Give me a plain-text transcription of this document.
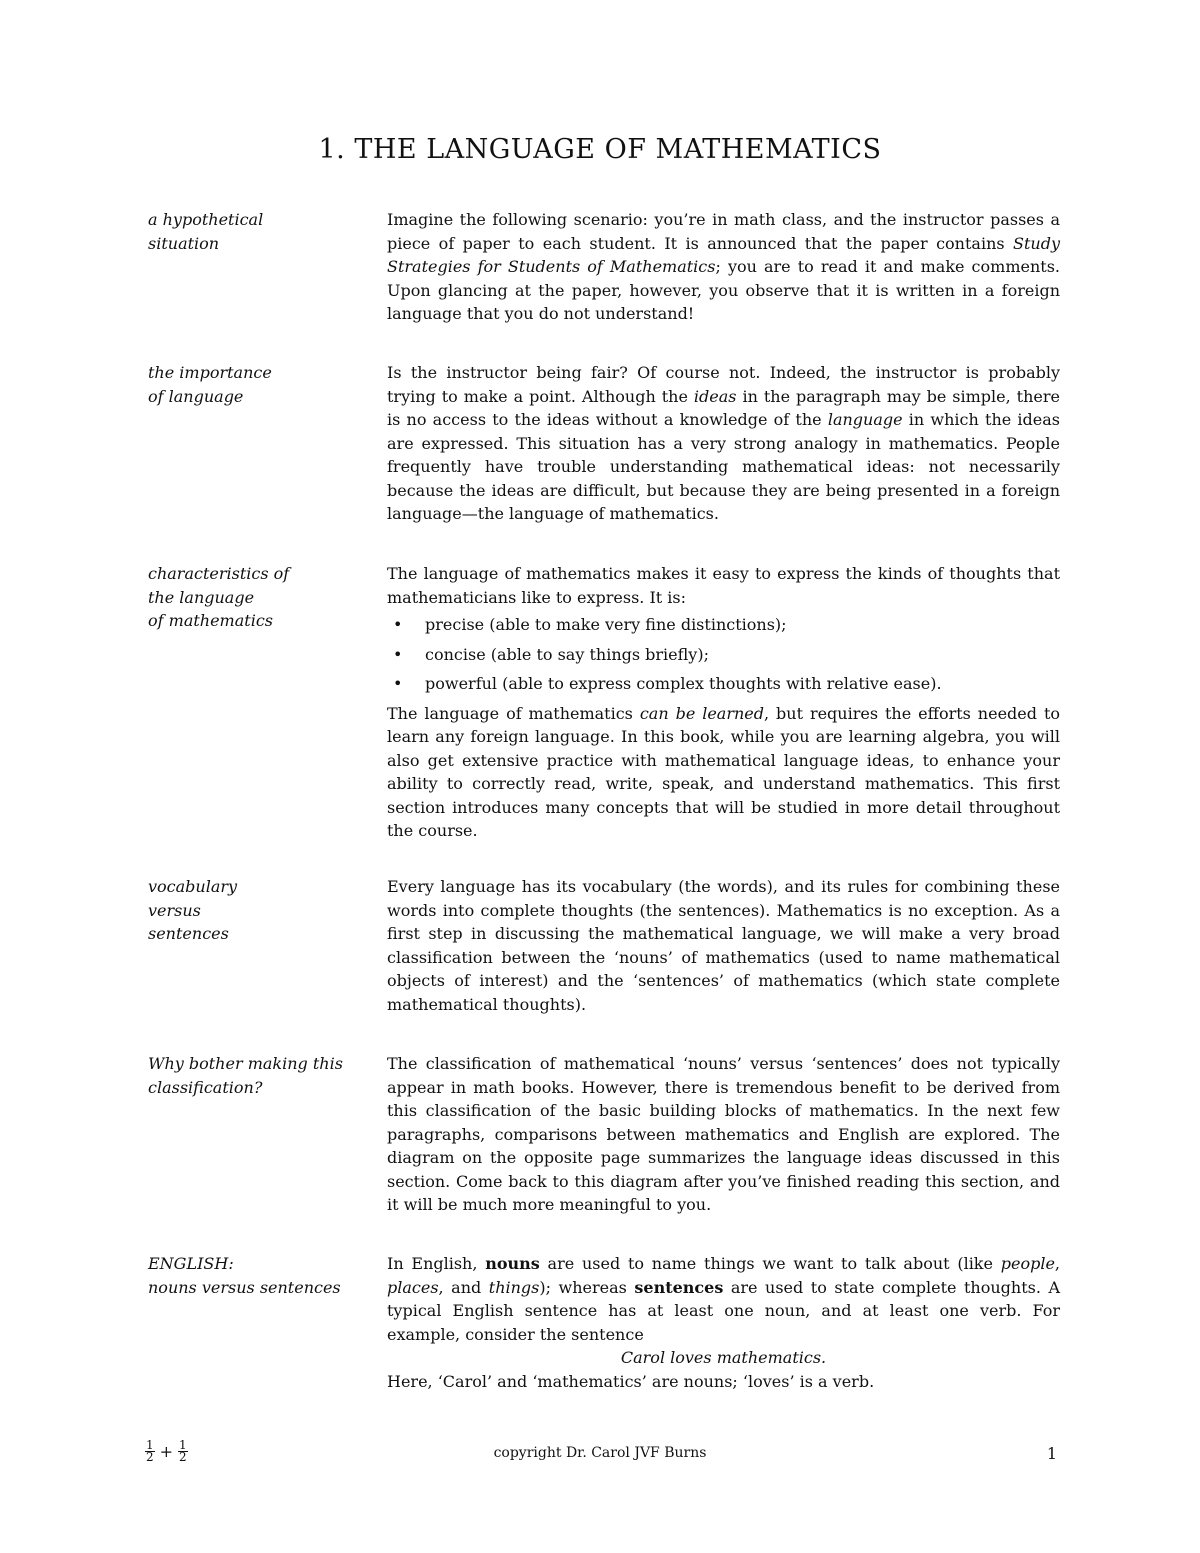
1. THE LANGUAGE OF MATHEMATICS
a hypothetical
situation

Imagine the following scenario: you’re in math class, and the instructor passes a piece of paper to each student. It is announced that the paper contains Study Strategies for Students of Mathematics; you are to read it and make comments. Upon glancing at the paper, however, you observe that it is written in a foreign language that you do not understand!

the importance
of language

Is the instructor being fair? Of course not. Indeed, the instructor is probably trying to make a point. Although the ideas in the paragraph may be simple, there is no access to the ideas without a knowledge of the language in which the ideas are expressed. This situation has a very strong analogy in mathematics. People frequently have trouble understanding mathematical ideas: not necessarily because the ideas are difficult, but because they are being presented in a foreign language—the language of mathematics.

characteristics of
the language
of mathematics

The language of mathematics makes it easy to express the kinds of thoughts that mathematicians like to express. It is:

• precise (able to make very fine distinctions);
• concise (able to say things briefly);
• powerful (able to express complex thoughts with relative ease).

The language of mathematics can be learned, but requires the efforts needed to learn any foreign language. In this book, while you are learning algebra, you will also get extensive practice with mathematical language ideas, to enhance your ability to correctly read, write, speak, and understand mathematics. This first section introduces many concepts that will be studied in more detail throughout the course.

vocabulary
versus
sentences

Every language has its vocabulary (the words), and its rules for combining these words into complete thoughts (the sentences). Mathematics is no exception. As a first step in discussing the mathematical language, we will make a very broad classification between the ‘nouns’ of mathematics (used to name mathematical objects of interest) and the ‘sentences’ of mathematics (which state complete mathematical thoughts).

Why bother making this
classification?

The classification of mathematical ‘nouns’ versus ‘sentences’ does not typically appear in math books. However, there is tremendous benefit to be derived from this classification of the basic building blocks of mathematics. In the next few paragraphs, comparisons between mathematics and English are explored. The diagram on the opposite page summarizes the language ideas discussed in this section. Come back to this diagram after you’ve finished reading this section, and it will be much more meaningful to you.

ENGLISH:
nouns versus sentences

In English, nouns are used to name things we want to talk about (like people, places, and things); whereas sentences are used to state complete thoughts. A typical English sentence has at least one noun, and at least one verb. For example, consider the sentence

Carol loves mathematics.

Here, ‘Carol’ and ‘mathematics’ are nouns; ‘loves’ is a verb.

$\frac{1}{2} + \frac{1}{2}$	copyright Dr. Carol JVF Burns	1
